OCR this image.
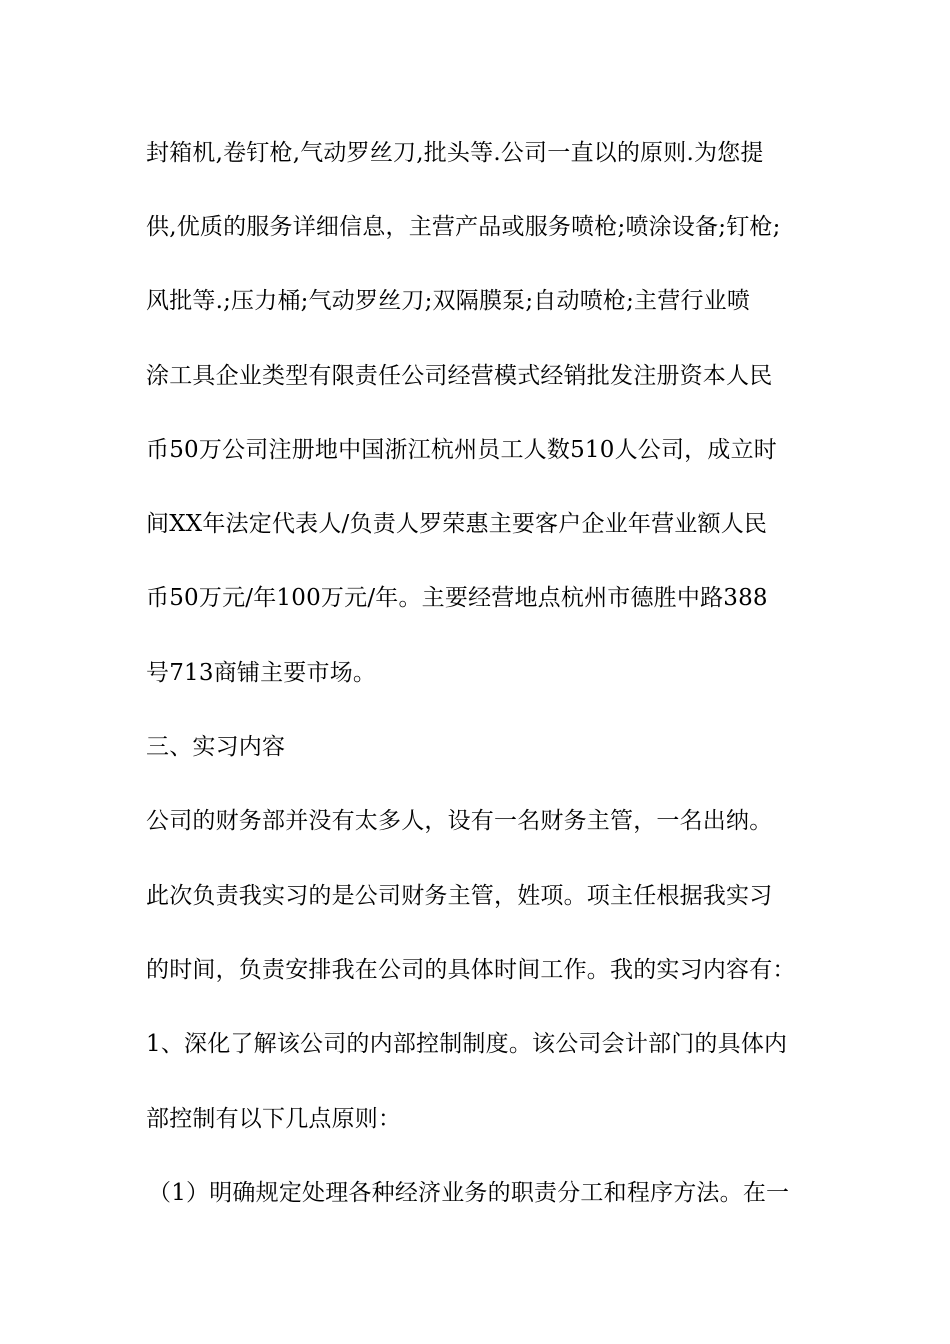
封箱机,卷钉枪,气动罗丝刀,批头等.公司一直以的原则.为您提
供,优质的服务详细信息，主营产品或服务喷枪;喷涂设备;钉枪;
风批等.;压力桶;气动罗丝刀;双隔膜泵;自动喷枪;主营行业喷
涂工具企业类型有限责任公司经营模式经销批发注册资本人民
币50万公司注册地中国浙江杭州员工人数510人公司，成立时
间XX年法定代表人/负责人罗荣惠主要客户企业年营业额人民
币50万元/年100万元/年。主要经营地点杭州市德胜中路388
号713商铺主要市场。
三、实习内容
公司的财务部并没有太多人，设有一名财务主管，一名出纳。
此次负责我实习的是公司财务主管，姓项。项主任根据我实习
的时间，负责安排我在公司的具体时间工作。我的实习内容有：
1、深化了解该公司的内部控制制度。该公司会计部门的具体内
部控制有以下几点原则：
（1）明确规定处理各种经济业务的职责分工和程序方法。在一
